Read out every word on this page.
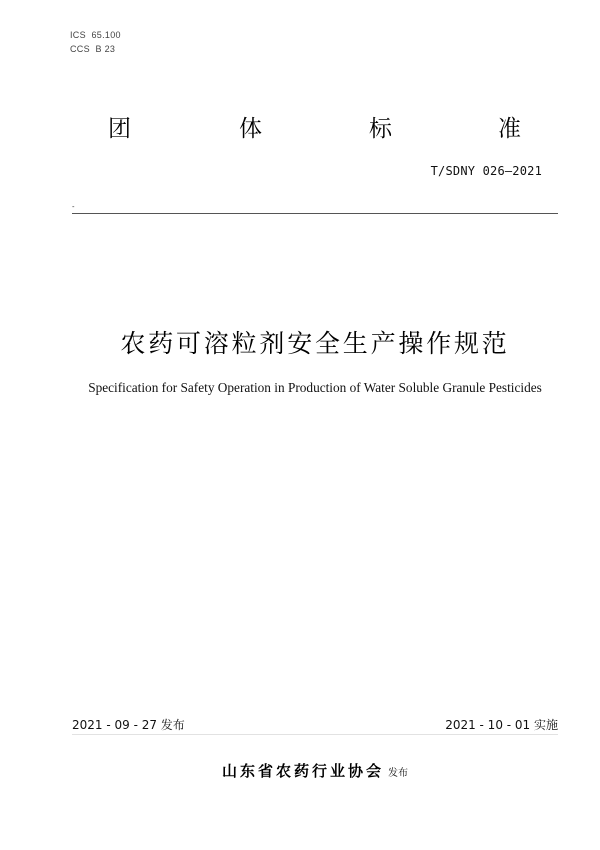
ICS  65.100
CCS  B 23
团	体	标	准
T/SDNY 026—2021
-
农药可溶粒剂安全生产操作规范
Specification for Safety Operation in Production of Water Soluble Granule Pesticides
2021 - 09 - 27 发布	2021 - 10 - 01 实施
山东省农药行业协会 发布
